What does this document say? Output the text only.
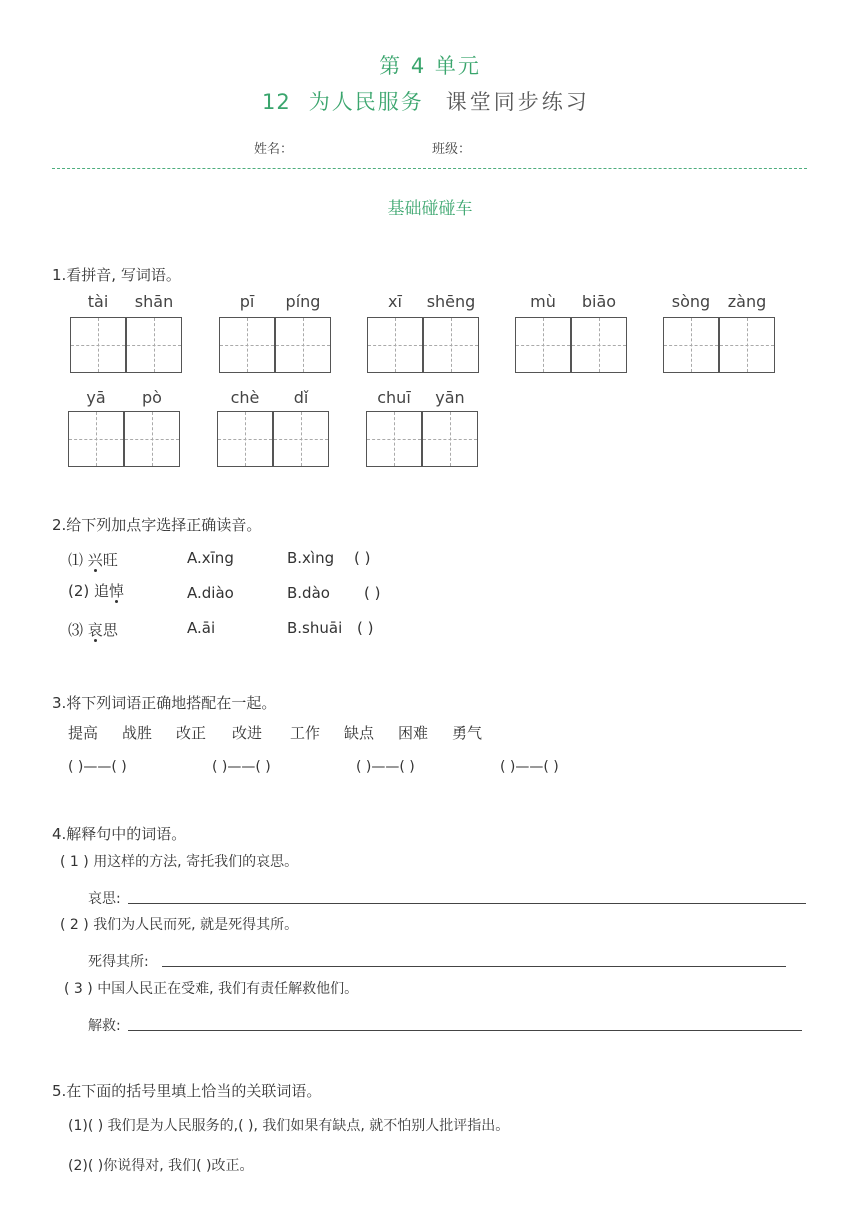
第 4 单元
12 为人民服务 课堂同步练习
姓名：	班级：
基础碰碰车
1.看拼音, 写词语。
tài	shān	pī	píng	xī	shēng	mù	biāo	sòng	zàng
yā	pò	chè	dǐ	chuī	yān
2.给下列加点字选择正确读音。
⑴ 兴旺	A.xīng	B.xìng ( )
(2) 追悼	A.diào	B.dào ( )
⑶ 哀思	A.āi	B.shuāi ( )
3.将下列词语正确地搭配在一起。
提高 战胜 改正 改进 工作 缺点 困难 勇气
( )——( )	( )——( )	( )——( )	( )——( )
4.解释句中的词语。
( 1 ) 用这样的方法, 寄托我们的哀思。
哀思:
( 2 ) 我们为人民而死, 就是死得其所。
死得其所:
( 3 ) 中国人民正在受难, 我们有责任解救他们。
解救:
5.在下面的括号里填上恰当的关联词语。
(1)( ) 我们是为人民服务的,( ), 我们如果有缺点, 就不怕别人批评指出。
(2)( )你说得对, 我们( )改正。
